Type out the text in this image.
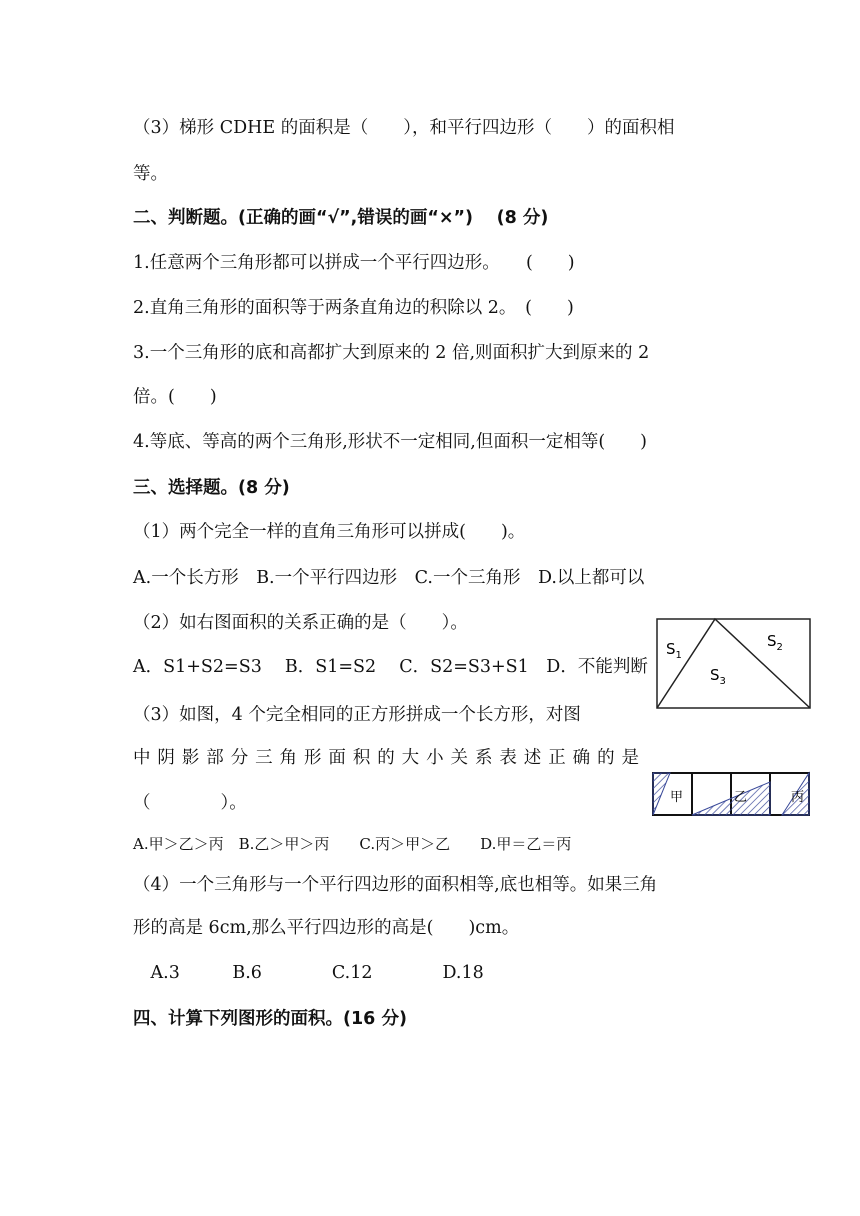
（3）梯形 CDHE 的面积是（　　），和平行四边形（　　）的面积相
等。
二、判断题。(正确的画“√”,错误的画“×”)　 (8 分)
1.任意两个三角形都可以拼成一个平行四边形。　　(　　)
2.直角三角形的面积等于两条直角边的积除以 2。　(　　)
3.一个三角形的底和高都扩大到原来的 2 倍,则面积扩大到原来的 2
倍。(　　)
4.等底、等高的两个三角形,形状不一定相同,但面积一定相等(　　)
三、选择题。(8 分)
（1）两个完全一样的直角三角形可以拼成(　　)。
A.一个长方形　B.一个平行四边形　C.一个三角形　D.以上都可以
（2）如右图面积的关系正确的是（　　）。
A．S1+S2=S3　 B．S1=S2　 C．S2=S3+S1　D．不能判断
（3）如图，4 个完全相同的正方形拼成一个长方形，对图
中阴影部分三角形面积的大小关系表述正确的是
（　　　　）。
A.甲＞乙＞丙　B.乙＞甲＞丙　　C.丙＞甲＞乙　　D.甲＝乙＝丙
（4）一个三角形与一个平行四边形的面积相等,底也相等。如果三角
形的高是 6cm,那么平行四边形的高是(　　)cm。
　A.3　　　B.6　　　　C.12　　　　D.18
四、计算下列图形的面积。(16 分)
$S_1$
$S_2$
$S_3$
甲	乙	丙
